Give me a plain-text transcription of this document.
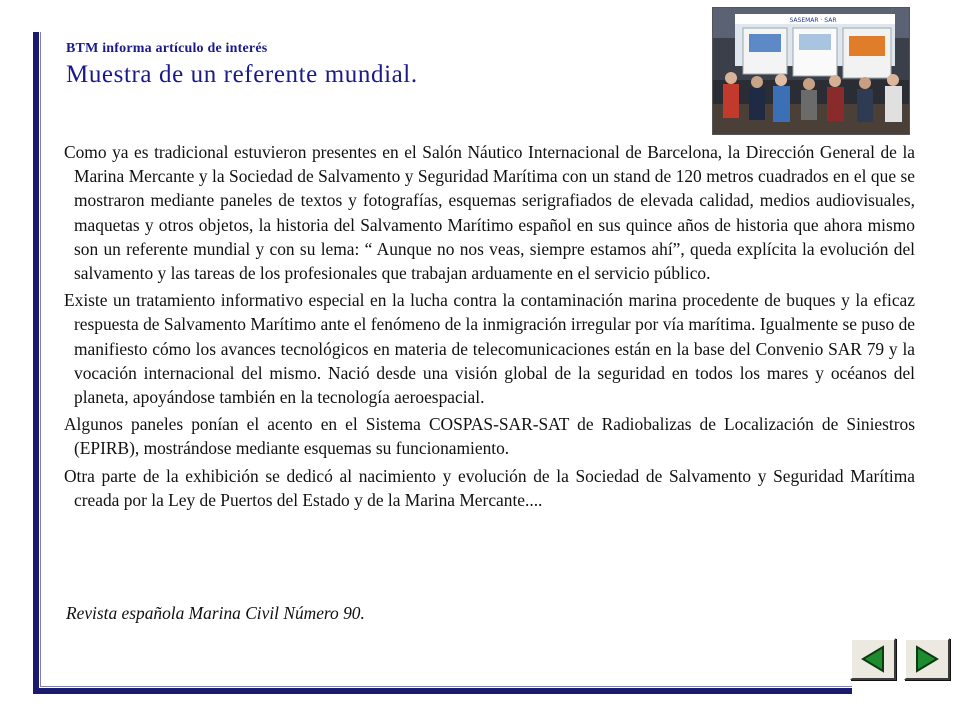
BTM informa artículo de interés
Muestra de un referente mundial.
SASEMAR · SAR

Como ya es tradicional estuvieron presentes en el Salón Náutico Internacional de Barcelona, la Dirección General de la Marina Mercante y la Sociedad de Salvamento y Seguridad Marítima con un stand de 120 metros cuadrados en el que se mostraron mediante paneles de textos y fotografías, esquemas serigrafiados de elevada calidad, medios audiovisuales, maquetas y otros objetos, la historia del Salvamento Marítimo español en sus quince años de historia que ahora mismo son un referente mundial y con su lema: “ Aunque no nos veas, siempre estamos ahí”, queda explícita la evolución del salvamento y las tareas de los profesionales que trabajan arduamente en el servicio público.

Existe un tratamiento informativo especial en la lucha contra la contaminación marina procedente de buques y la eficaz respuesta de Salvamento Marítimo ante el fenómeno de la inmigración irregular por vía marítima. Igualmente se puso de manifiesto cómo los avances tecnológicos en materia de telecomunicaciones están en la base del Convenio SAR 79 y la vocación internacional del mismo. Nació desde una visión global de la seguridad en todos los mares y océanos del planeta, apoyándose también en la tecnología aeroespacial.

Algunos paneles ponían el acento en el Sistema COSPAS-SAR-SAT de Radiobalizas de Localización de Siniestros (EPIRB), mostrándose mediante esquemas su funcionamiento.

Otra parte de la exhibición se dedicó al nacimiento y evolución de la Sociedad de Salvamento y Seguridad Marítima creada por la Ley de Puertos del Estado y de la Marina Mercante....

Revista española Marina Civil Número 90.
